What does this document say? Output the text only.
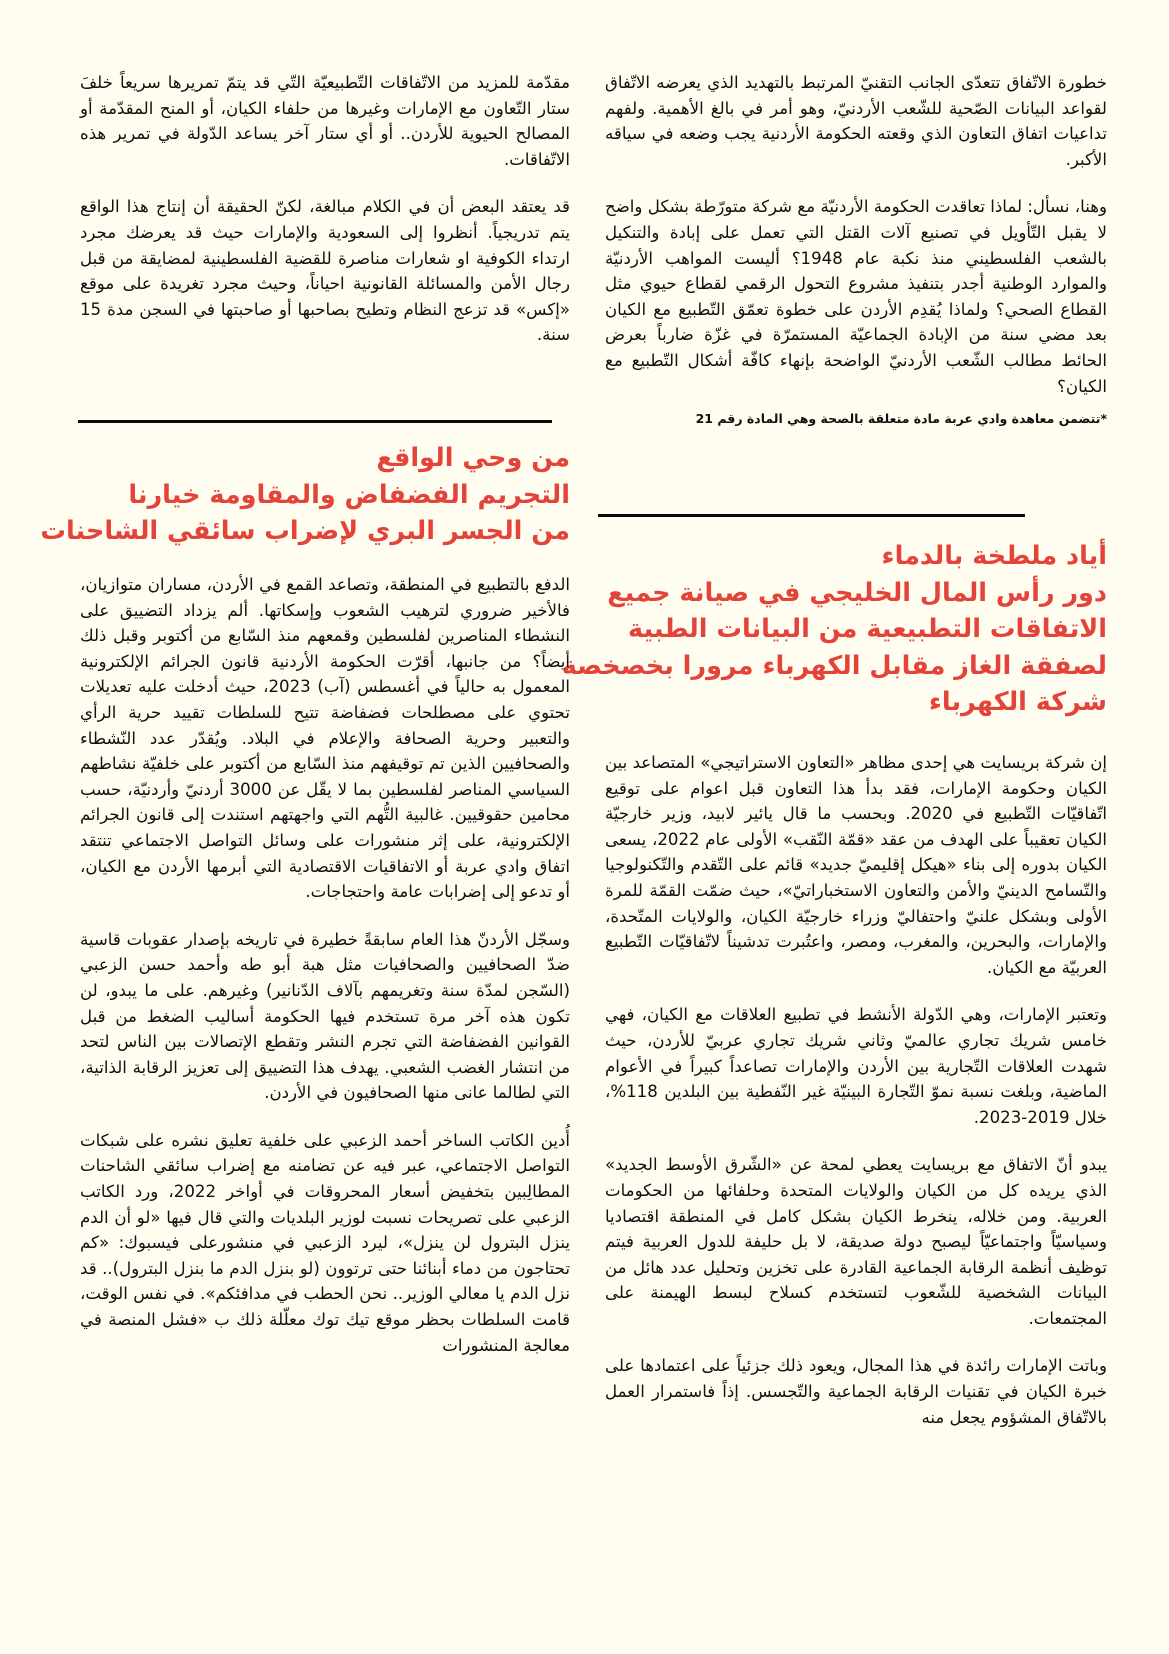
خطورة الاتّفاق تتعدّى الجانب التقنيّ المرتبط بالتهديد الذي يعرضه الاتّفاق لقواعد البيانات الصّحية للشّعب الأردنيّ، وهو أمر في بالغ الأهمية. ولفهم تداعيات اتفاق التعاون الذي وقعته الحكومة الأردنية يجب وضعه في سياقه الأكبر.

وهنا، نسأل: لماذا تعاقدت الحكومة الأردنيّة مع شركة متورّطة بشكل واضح لا يقبل التّأويل في تصنيع آلات القتل التي تعمل على إبادة والتنكيل بالشعب الفلسطيني منذ نكبة عام 1948؟ أليست المواهب الأردنيّة والموارد الوطنية أجدر بتنفيذ مشروع التحول الرقمي لقطاع حيوي مثل القطاع الصحي؟ ولماذا يُقدِم الأردن على خطوة تعمّق التّطبيع مع الكيان بعد مضي سنة من الإبادة الجماعيّة المستمرّة في غزّة ضارباً بعرض الحائط مطالب الشّعب الأردنيّ الواضحة بإنهاء كافّة أشكال التّطبيع مع الكيان؟

*تتضمن معاهدة وادي عربة مادة متعلقة بالصحة وهي المادة رقم 21

أياد ملطخة بالدماء
دور رأس المال الخليجي في صيانة جميع
الاتفاقات التطبيعية من البيانات الطبية
لصفقة الغاز مقابل الكهرباء مرورا بخصخصة
شركة الكهرباء

إن شركة بريسايت هي إحدى مظاهر «التعاون الاستراتيجي» المتصاعد بين الكيان وحكومة الإمارات، فقد بدأ هذا التعاون قبل اعوام على توقيع اتّفاقيّات التّطبيع في 2020. وبحسب ما قال يائير لابيد، وزير خارجيّة الكيان تعقيباً على الهدف من عقد «قمّة النّقب» الأولى عام 2022، يسعى الكيان بدوره إلى بناء «هيكل إقليميّ جديد» قائم على التّقدم والتّكنولوجيا والتّسامح الدينيّ والأمن والتعاون الاستخباراتيّ»، حيث ضمّت القمّة للمرة الأولى وبشكل علنيّ واحتفاليّ وزراء خارجيّة الكيان، والولايات المتّحدة، والإمارات، والبحرين، والمغرب، ومصر، واعتُبرت تدشيناً لاتّفاقيّات التّطبيع العربيّة مع الكيان.

وتعتبر الإمارات، وهي الدّولة الأنشط في تطبيع العلاقات مع الكيان، فهي خامس شريك تجاري عالميّ وثاني شريك تجاري عربيّ للأردن، حيث شهدت العلاقات التّجارية بين الأردن والإمارات تصاعداً كبيراً في الأعوام الماضية، وبلغت نسبة نموّ التّجارة البينيّة غير النّفطية بين البلدين 118%، خلال 2019-2023.

يبدو أنّ الاتفاق مع بريسايت يعطي لمحة عن «الشّرق الأوسط الجديد» الذي يريده كل من الكيان والولايات المتحدة وحلفائها من الحكومات العربية. ومن خلاله، ينخرط الكيان بشكل كامل في المنطقة اقتصاديا وسياسيّاً واجتماعيّاً ليصبح دولة صديقة، لا بل حليفة للدول العربية فيتم توظيف أنظمة الرقابة الجماعية القادرة على تخزين وتحليل عدد هائل من البيانات الشخصية للشّعوب لتستخدم كسلاح لبسط الهيمنة على المجتمعات.

وباتت الإمارات رائدة في هذا المجال، ويعود ذلك جزئياً على اعتمادها على خبرة الكيان في تقنيات الرقابة الجماعية والتّجسس. إذاً فاستمرار العمل بالاتّفاق المشؤوم يجعل منه

مقدّمة للمزيد من الاتّفاقات التّطبيعيّة التّي قد يتمّ تمريرها سريعاً خلفَ ستار التّعاون مع الإمارات وغيرها من حلفاء الكيان، أو المنح المقدّمة أو المصالح الحيوية للأردن.. أو أي ستار آخر يساعد الدّولة في تمرير هذه الاتّفاقات.

قد يعتقد البعض أن في الكلام مبالغة، لكنّ الحقيقة أن إنتاج هذا الواقع يتم تدريجياً. أنظروا إلى السعودية والإمارات حيث قد يعرضك مجرد ارتداء الكوفية او شعارات مناصرة للقضية الفلسطينية لمضايقة من قبل رجال الأمن والمسائلة القانونية احياناً، وحيث مجرد تغريدة على موقع «إكس» قد تزعج النظام وتطيح بصاحبها أو صاحبتها في السجن مدة 15 سنة.

من وحي الواقع
التجريم الفضفاض والمقاومة خيارنا
من الجسر البري لإضراب سائقي الشاحنات

الدفع بالتطبيع في المنطقة، وتصاعد القمع في الأردن، مساران متوازيان، فالأخير ضروري لترهيب الشعوب وإسكاتها. ألم يزداد التضييق على النشطاء المناصرين لفلسطين وقمعهم منذ السّابع من أكتوبر وقبل ذلك أيضاً؟ من جانبها، أقرّت الحكومة الأردنية قانون الجرائم الإلكترونية المعمول به حالياً في أغسطس (آب) 2023، حيث أدخلت عليه تعديلات تحتوي على مصطلحات فضفاضة تتيح للسلطات تقييد حرية الرأي والتعبير وحرية الصحافة والإعلام في البلاد. ويُقدّر عدد النّشطاء والصحافيين الذين تم توقيفهم منذ السّابع من أكتوبر على خلفيّة نشاطهم السياسي المناصر لفلسطين بما لا يقّل عن 3000 أردنيّ وأردنيّة، حسب محامين حقوقيين. غالبية التُّهم التي واجهتهم استندت إلى قانون الجرائم الإلكترونية، على إثر منشورات على وسائل التواصل الاجتماعي تنتقد اتفاق وادي عربة أو الاتفاقيات الاقتصادية التي أبرمها الأردن مع الكيان، أو تدعو إلى إضرابات عامة واحتجاجات.

وسجّل الأردنّ هذا العام سابقةً خطيرة في تاريخه بإصدار عقوبات قاسية ضدّ الصحافيين والصحافيات مثل هبة أبو طه وأحمد حسن الزعبي (السّجن لمدّة سنة وتغريمهم بآلاف الدّنانير) وغيرهم. على ما يبدو، لن تكون هذه آخر مرة تستخدم فيها الحكومة أساليب الضغط من قبل القوانين الفضفاضة التي تجرم النشر وتقطع الإتصالات بين الناس لتحد من انتشار الغضب الشعبي. يهدف هذا التضييق إلى تعزيز الرقابة الذاتية، التي لطالما عانى منها الصحافيون في الأردن.

أُدين الكاتب الساخر أحمد الزعبي على خلفية تعليق نشره على شبكات التواصل الاجتماعي، عبر فيه عن تضامنه مع إضراب سائقي الشاحنات المطالِبين بتخفيض أسعار المحروقات في أواخر 2022، ورد الكاتب الزعبي على تصريحات نسبت لوزير البلديات والتي قال فيها «لو أن الدم ينزل البترول لن ينزل»، ليرد الزعبي في منشورعلى فيسبوك: «كم تحتاجون من دماء أبنائنا حتى ترتوون (لو بنزل الدم ما بنزل البترول).. قد نزل الدم يا معالي الوزير.. نحن الحطب في مدافئكم». في نفس الوقت، قامت السلطات بحظر موقع تيك توك معلّلة ذلك ب «فشل المنصة في معالجة المنشورات
